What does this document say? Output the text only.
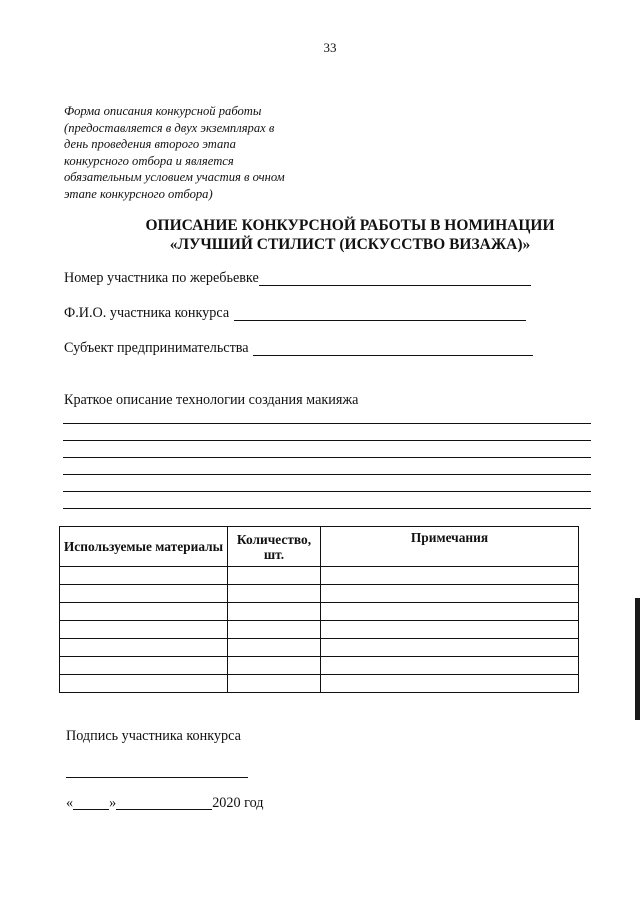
33
Форма описания конкурсной работы
(предоставляется в двух экземплярах в
день проведения второго этапа
конкурсного отбора и является
обязательным условием участия в очном
этапе конкурсного отбора)
ОПИСАНИЕ КОНКУРСНОЙ РАБОТЫ В НОМИНАЦИИ
«ЛУЧШИЙ СТИЛИСТ (ИСКУССТВО ВИЗАЖА)»
Номер участника по жеребьевке
Ф.И.О. участника конкурса
Субъект предпринимательства
Краткое описание технологии создания макияжа
Используемые материалы	Количество, шт.	Примечания

Подпись участника конкурса
«	»	2020 год
